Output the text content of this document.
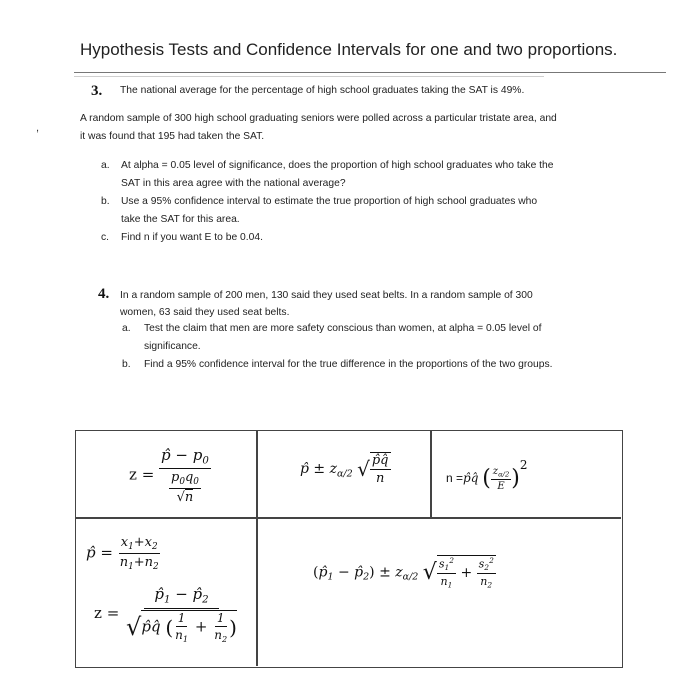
Hypothesis Tests and Confidence Intervals for one and two proportions.
,
3. The national average for the percentage of high school graduates taking the SAT is 49%.
A random sample of 300 high school graduating seniors were polled across a particular tristate area, and
it was found that 195 had taken the SAT.
a. At alpha = 0.05 level of significance, does the proportion of high school graduates who take the
SAT in this area agree with the national average?
b. Use a 95% confidence interval to estimate the true proportion of high school graduates who
take the SAT for this area.
c. Find n if you want E to be 0.04.
4. In a random sample of 200 men, 130 said they used seat belts. In a random sample of 300
women, 63 said they used seat belts.
a. Test the claim that men are more safety conscious than women, at alpha = 0.05 level of
significance.
b. Find a 95% confidence interval for the true difference in the proportions of the two groups.
$z = \frac{p̂ - p_0}{\frac{p_0q_0}{√n}}$	p̂ ± $z_{\alpha/2}$ √ $\frac{p̂q̂}{n}$	n =p̂q̂ ( $\frac{z_{\alpha/2}}{E} )2$
p̂ = $\frac{x_1+x_2}{n_1+n_2}$
($p̂_1$ − $p̂_2) \pm z_{\alpha/2}$ √ $\frac{s_1^2}{n_1} + \frac{s_2^2}{n_2}$
$z = \frac{p̂_1 - p̂_2}{√p̂q̂ ( \frac{1}{n_1} + \frac{1}{n_2} )}$
